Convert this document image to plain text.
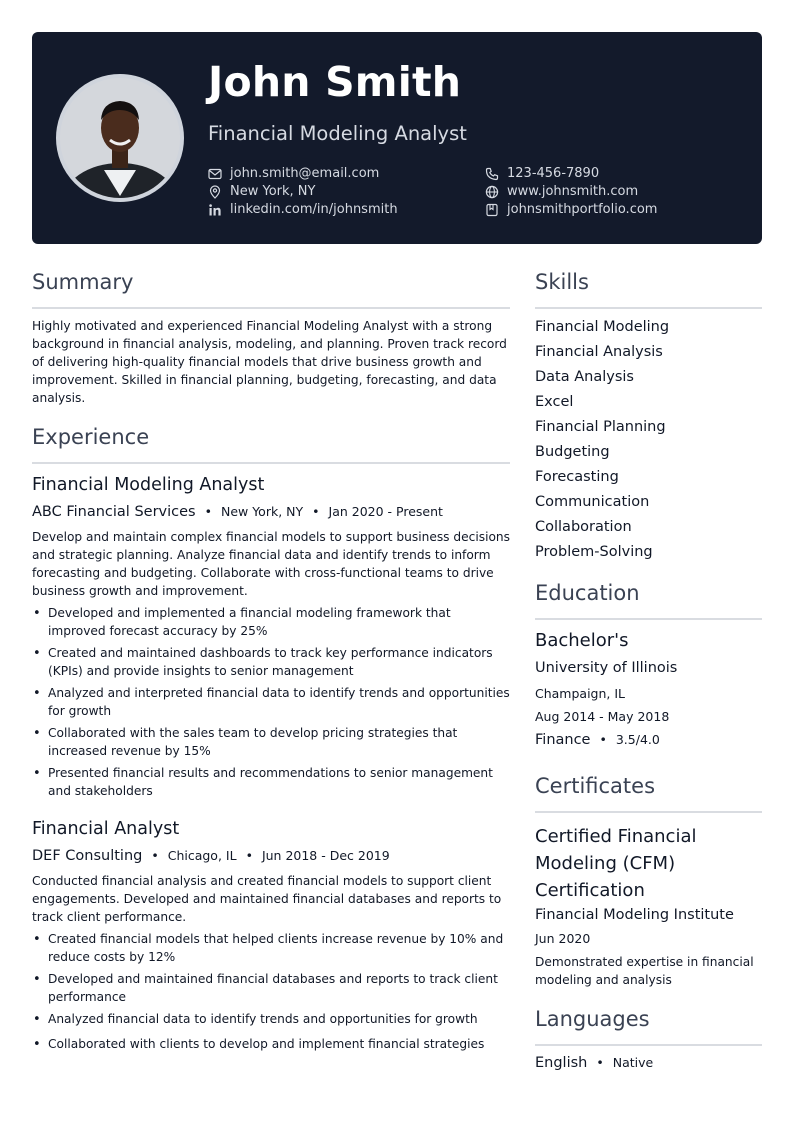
John Smith
Financial Modeling Analyst
john.smith@email.com
New York, NY
linkedin.com/in/johnsmith
123-456-7890
www.johnsmith.com
johnsmithportfolio.com
Summary
Highly motivated and experienced Financial Modeling Analyst with a strong background in financial analysis, modeling, and planning. Proven track record of delivering high-quality financial models that drive business growth and improvement. Skilled in financial planning, budgeting, forecasting, and data analysis.
Experience
Financial Modeling Analyst
ABC Financial Services • New York, NY • Jan 2020 - Present
Develop and maintain complex financial models to support business decisions and strategic planning. Analyze financial data and identify trends to inform forecasting and budgeting. Collaborate with cross-functional teams to drive business growth and improvement.
• Developed and implemented a financial modeling framework that improved forecast accuracy by 25%
• Created and maintained dashboards to track key performance indicators (KPIs) and provide insights to senior management
• Analyzed and interpreted financial data to identify trends and opportunities for growth
• Collaborated with the sales team to develop pricing strategies that increased revenue by 15%
• Presented financial results and recommendations to senior management and stakeholders
Financial Analyst
DEF Consulting • Chicago, IL • Jun 2018 - Dec 2019
Conducted financial analysis and created financial models to support client engagements. Developed and maintained financial databases and reports to track client performance.
• Created financial models that helped clients increase revenue by 10% and reduce costs by 12%
• Developed and maintained financial databases and reports to track client performance
• Analyzed financial data to identify trends and opportunities for growth
• Collaborated with clients to develop and implement financial strategies
Skills
Financial Modeling
Financial Analysis
Data Analysis
Excel
Financial Planning
Budgeting
Forecasting
Communication
Collaboration
Problem-Solving
Education
Bachelor's
University of Illinois
Champaign, IL
Aug 2014 - May 2018
Finance • 3.5/4.0
Certificates
Certified Financial
Modeling (CFM)
Certification
Financial Modeling Institute
Jun 2020
Demonstrated expertise in financial modeling and analysis
Languages
English • Native
